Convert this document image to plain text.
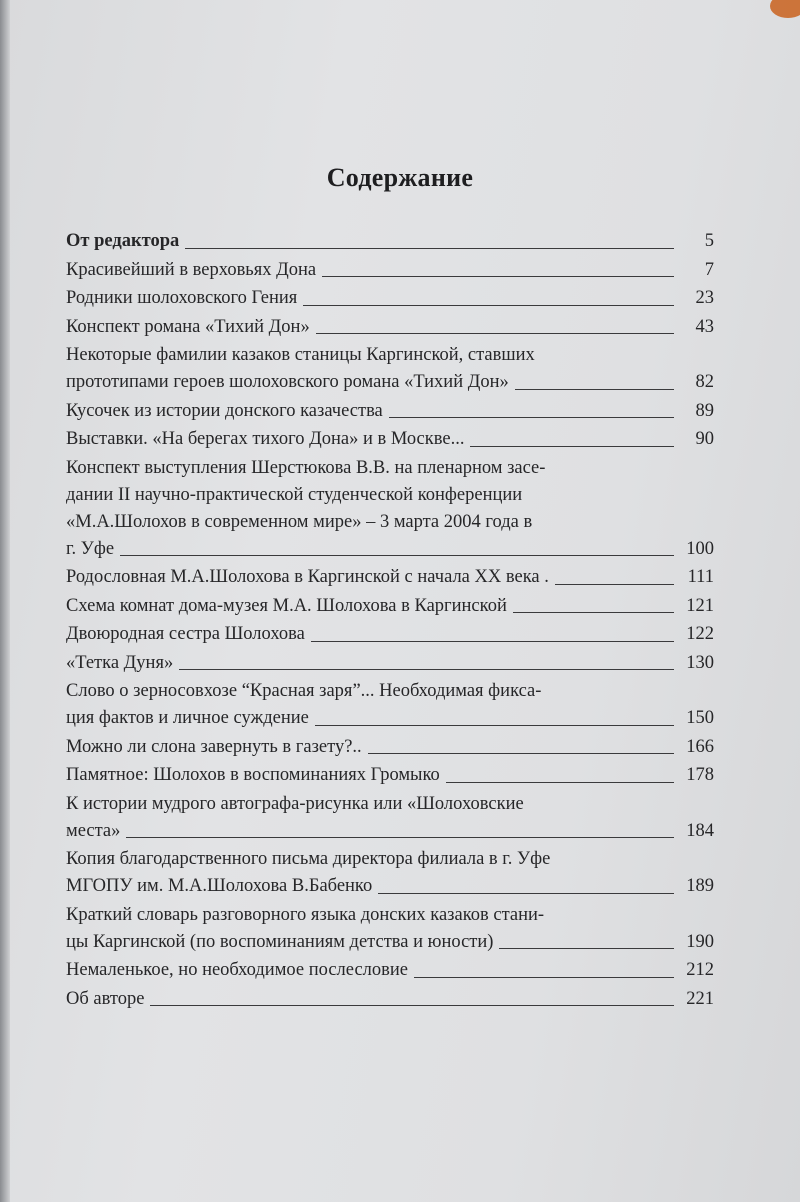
Содержание
От редактора	5
Красивейший в верховьях Дона	7
Родники шолоховского Гения	23
Конспект романа «Тихий Дон»	43
Некоторые фамилии казаков станицы Каргинской, ставших
прототипами героев шолоховского романа «Тихий Дон»	82
Кусочек из истории донского казачества	89
Выставки. «На берегах тихого Дона» и в Москве...	90
Конспект выступления Шерстюкова В.В. на пленарном засе-
дании II научно-практической студенческой конференции
«М.А.Шолохов в современном мире» – 3 марта 2004 года в
г. Уфе	100
Родословная М.А.Шолохова в Каргинской с начала XX века .	111
Схема комнат дома-музея М.А. Шолохова в Каргинской	121
Двоюродная сестра Шолохова	122
«Тетка Дуня»	130
Слово о зерносовхозе “Красная заря”... Необходимая фикса-
ция фактов и личное суждение	150
Можно ли слона завернуть в газету?..	166
Памятное: Шолохов в воспоминаниях Громыко	178
К истории мудрого автографа-рисунка или «Шолоховские
места»	184
Копия благодарственного письма директора филиала в г. Уфе
МГОПУ им. М.А.Шолохова В.Бабенко	189
Краткий словарь разговорного языка донских казаков стани-
цы Каргинской (по воспоминаниям детства и юности)	190
Немаленькое, но необходимое послесловие	212
Об авторе	221
